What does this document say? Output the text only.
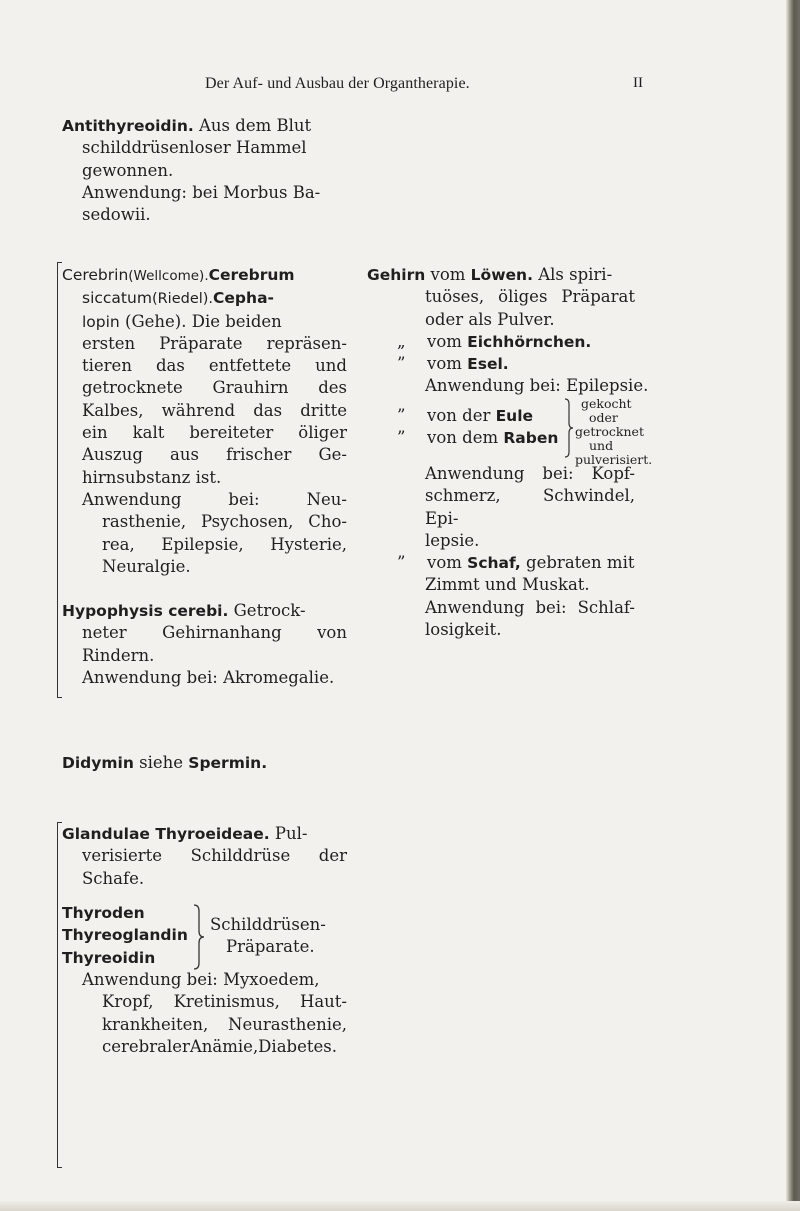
Der Auf- und Ausbau der Organtherapie.	II
Antithyreoidin. Aus dem Blut
schilddrüsenloser Hammel
gewonnen.
Anwendung: bei Morbus Ba-
sedowii.
Cerebrin(Wellcome).Cerebrum
siccatum(Riedel).Cepha-
lopin (Gehe). Die beiden
ersten Präparate repräsen-
tieren das entfettete und
getrocknete Grauhirn des
Kalbes, während das dritte
ein kalt bereiteter öliger
Auszug aus frischer Ge-
hirnsubstanz ist.
Anwendung bei: Neu-
rasthenie, Psychosen, Cho-
rea, Epilepsie, Hysterie,
Neuralgie.
Hypophysis cerebi. Getrock-
neter Gehirnanhang von
Rindern.
Anwendung bei: Akromegalie.
Didymin siehe Spermin.
Glandulae Thyroeideae. Pul-
verisierte Schilddrüse der
Schafe.
Thyroden
Thyreoglandin
Thyreoidin
Schilddrüsen-
Präparate.
Anwendung bei: Myxoedem,
Kropf, Kretinismus, Haut-
krankheiten, Neurasthenie,
cerebralerAnämie,Diabetes.
Gehirn vom Löwen. Als spiri-
tuöses, öliges Präparat
oder als Pulver.
„ vom Eichhörnchen.
” vom Esel.
Anwendung bei: Epilepsie.
” von der Eule
” von dem Raben
gekocht
oder
getrocknet
und
pulverisiert.
Anwendung bei: Kopf-
schmerz, Schwindel, Epi-
lepsie.
” vom Schaf, gebraten mit
Zimmt und Muskat.
Anwendung bei: Schlaf-
losigkeit.
